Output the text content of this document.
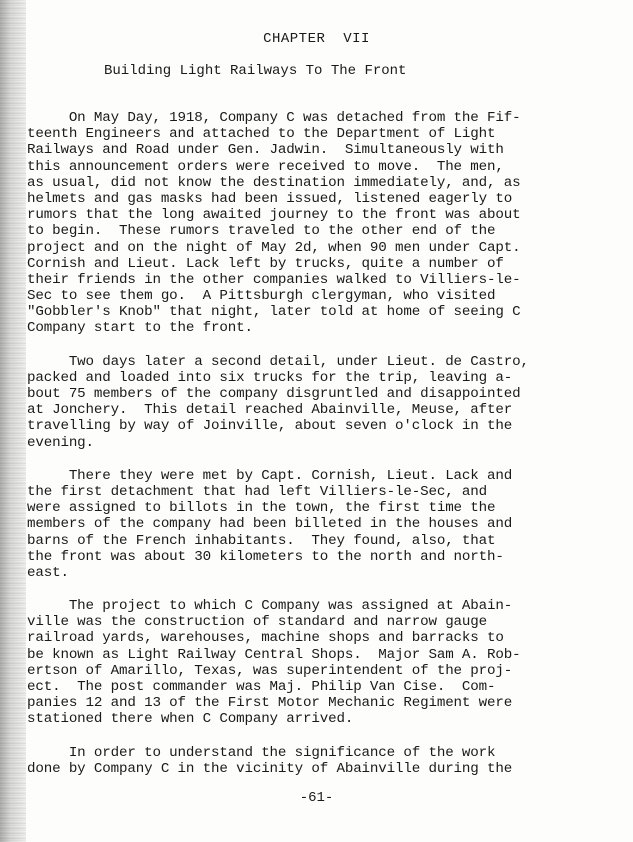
CHAPTER  VII
Building Light Railways To The Front
On May Day, 1918, Company C was detached from the Fif-
teenth Engineers and attached to the Department of Light
Railways and Road under Gen. Jadwin.  Simultaneously with
this announcement orders were received to move.  The men,
as usual, did not know the destination immediately, and, as
helmets and gas masks had been issued, listened eagerly to
rumors that the long awaited journey to the front was about
to begin.  These rumors traveled to the other end of the
project and on the night of May 2d, when 90 men under Capt.
Cornish and Lieut. Lack left by trucks, quite a number of
their friends in the other companies walked to Villiers-le-
Sec to see them go.  A Pittsburgh clergyman, who visited
"Gobbler's Knob" that night, later told at home of seeing C
Company start to the front.
Two days later a second detail, under Lieut. de Castro,
packed and loaded into six trucks for the trip, leaving a-
bout 75 members of the company disgruntled and disappointed
at Jonchery.  This detail reached Abainville, Meuse, after
travelling by way of Joinville, about seven o'clock in the
evening.
There they were met by Capt. Cornish, Lieut. Lack and
the first detachment that had left Villiers-le-Sec, and
were assigned to billots in the town, the first time the
members of the company had been billeted in the houses and
barns of the French inhabitants.  They found, also, that
the front was about 30 kilometers to the north and north-
east.
The project to which C Company was assigned at Abain-
ville was the construction of standard and narrow gauge
railroad yards, warehouses, machine shops and barracks to
be known as Light Railway Central Shops.  Major Sam A. Rob-
ertson of Amarillo, Texas, was superintendent of the proj-
ect.  The post commander was Maj. Philip Van Cise.  Com-
panies 12 and 13 of the First Motor Mechanic Regiment were
stationed there when C Company arrived.
In order to understand the significance of the work
done by Company C in the vicinity of Abainville during the
-61-
